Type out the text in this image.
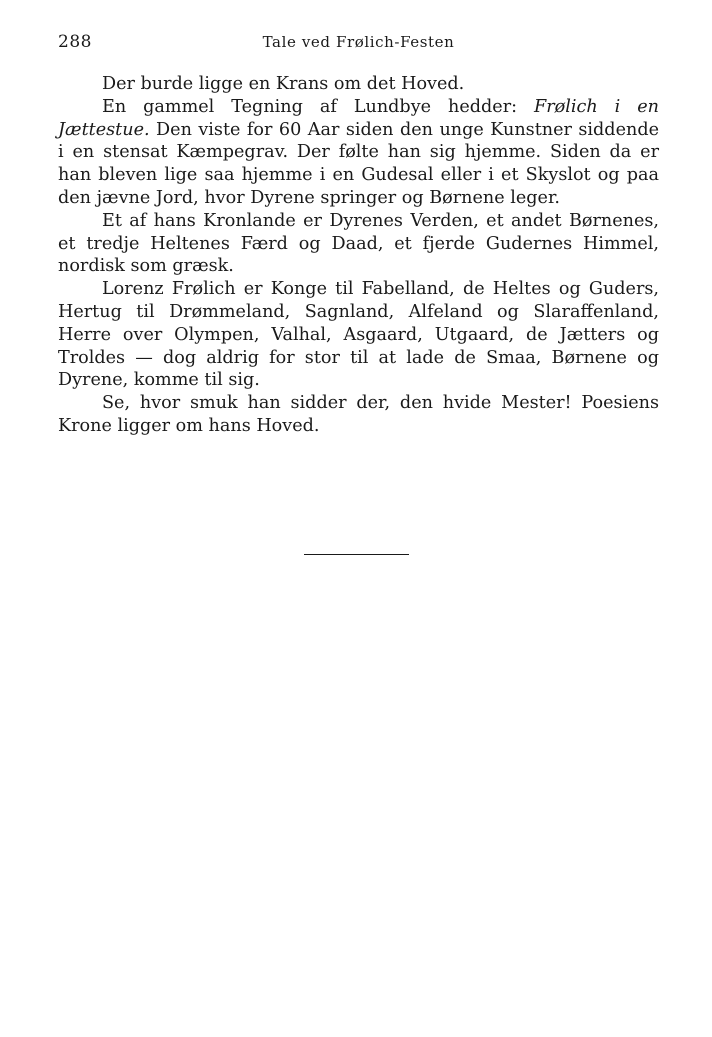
288	Tale ved Frølich-Festen

Der burde ligge en Krans om det Hoved.

En gammel Tegning af Lundbye hedder: Frølich i en Jættestue. Den viste for 60 Aar siden den unge Kunstner siddende i en stensat Kæmpegrav. Der følte han sig hjemme. Siden da er han bleven lige saa hjemme i en Gudesal eller i et Skyslot og paa den jævne Jord, hvor Dyrene springer og Børnene leger.

Et af hans Kronlande er Dyrenes Verden, et andet Børnenes, et tredje Heltenes Færd og Daad, et fjerde Gudernes Himmel, nordisk som græsk.

Lorenz Frølich er Konge til Fabelland, de Heltes og Guders, Hertug til Drømmeland, Sagnland, Alfeland og Slaraffenland, Herre over Olympen, Valhal, Asgaard, Utgaard, de Jætters og Troldes — dog aldrig for stor til at lade de Smaa, Børnene og Dyrene, komme til sig.

Se, hvor smuk han sidder der, den hvide Mester! Poesiens Krone ligger om hans Hoved.
